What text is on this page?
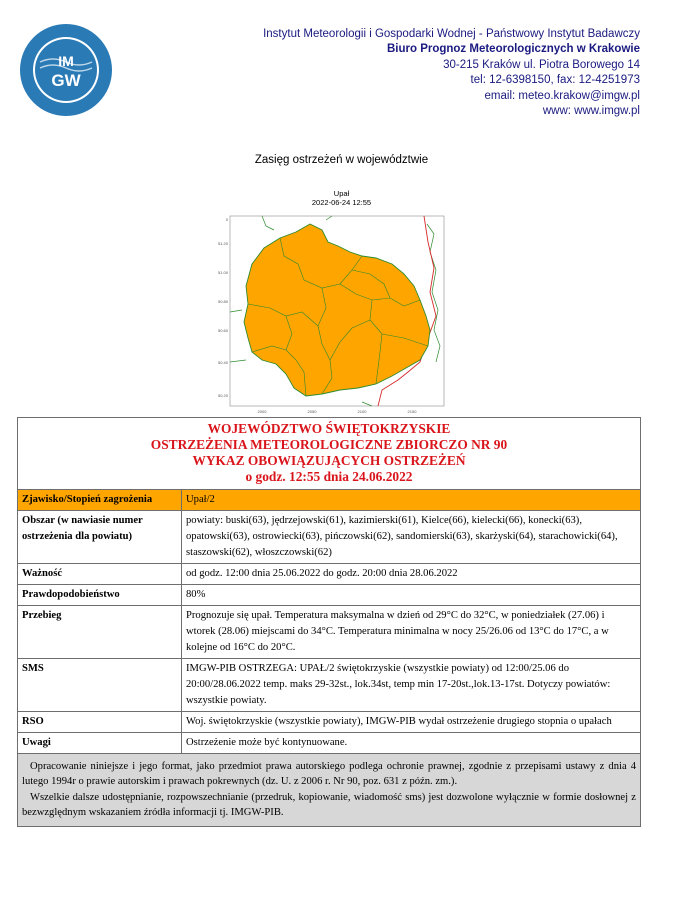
IM
GW
Instytut Meteorologii i Gospodarki Wodnej - Państwowy Instytut Badawczy
Biuro Prognoz Meteorologicznych w Krakowie
30-215 Kraków ul. Piotra Borowego 14
tel: 12-6398150, fax: 12-4251973
email: meteo.krakow@imgw.pl
www: www.imgw.pl
Zasięg ostrzeżeń w województwie
Upał
2022-06-24 12:55
0
51.20
51.00
50.80
50.60
50.40
50.20
2000	2050	2100	2150
WOJEWÓDZTWO ŚWIĘTOKRZYSKIE
OSTRZEŻENIA METEOROLOGICZNE ZBIORCZO NR 90
WYKAZ OBOWIĄZUJĄCYCH OSTRZEŻEŃ
o godz. 12:55 dnia 24.06.2022	

Zjawisko/Stopień zagrożenia	Upał/2
Obszar (w nawiasie numer ostrzeżenia dla powiatu)	powiaty: buski(63), jędrzejowski(61), kazimierski(61), Kielce(66), kielecki(66), konecki(63), opatowski(63), ostrowiecki(63), pińczowski(62), sandomierski(63), skarżyski(64), starachowicki(64), staszowski(62), włoszczowski(62)
Ważność	od godz. 12:00 dnia 25.06.2022 do godz. 20:00 dnia 28.06.2022
Prawdopodobieństwo	80%
Przebieg	Prognozuje się upał. Temperatura maksymalna w dzień od 29°C do 32°C, w poniedziałek (27.06) i wtorek (28.06) miejscami do 34°C. Temperatura minimalna w nocy 25/26.06 od 13°C do 17°C, a w kolejne od 16°C do 20°C.
SMS	IMGW-PIB OSTRZEGA: UPAŁ/2 świętokrzyskie (wszystkie powiaty) od 12:00/25.06 do 20:00/28.06.2022 temp. maks 29-32st., lok.34st, temp min 17-20st.,lok.13-17st. Dotyczy powiatów: wszystkie powiaty.
RSO	Woj. świętokrzyskie (wszystkie powiaty), IMGW-PIB wydał ostrzeżenie drugiego stopnia o upałach
Uwagi	Ostrzeżenie może być kontynuowane.

Opracowanie niniejsze i jego format, jako przedmiot prawa autorskiego podlega ochronie prawnej, zgodnie z przepisami ustawy z dnia 4 lutego 1994r o prawie autorskim i prawach pokrewnych (dz. U. z 2006 r. Nr 90, poz. 631 z późn. zm.).
Wszelkie dalsze udostępnianie, rozpowszechnianie (przedruk, kopiowanie, wiadomość sms) jest dozwolone wyłącznie w formie dosłownej z bezwzględnym wskazaniem źródła informacji tj. IMGW-PIB.	
